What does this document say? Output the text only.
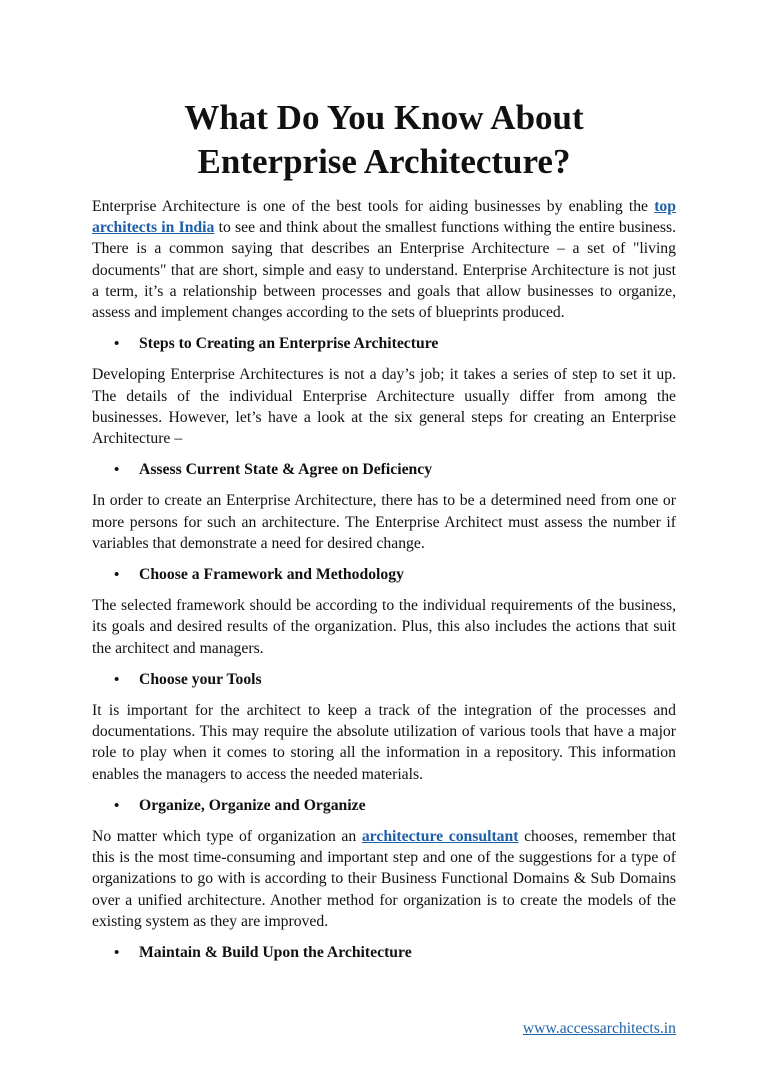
What Do You Know About
Enterprise Architecture?

Enterprise Architecture is one of the best tools for aiding businesses by enabling the top architects in India to see and think about the smallest functions withing the entire business. There is a common saying that describes an Enterprise Architecture – a set of "living documents" that are short, simple and easy to understand. Enterprise Architecture is not just a term, it’s a relationship between processes and goals that allow businesses to organize, assess and implement changes according to the sets of blueprints produced.

•	Steps to Creating an Enterprise Architecture

Developing Enterprise Architectures is not a day’s job; it takes a series of step to set it up. The details of the individual Enterprise Architecture usually differ from among the businesses. However, let’s have a look at the six general steps for creating an Enterprise Architecture –

•	Assess Current State & Agree on Deficiency

In order to create an Enterprise Architecture, there has to be a determined need from one or more persons for such an architecture. The Enterprise Architect must assess the number if variables that demonstrate a need for desired change.

•	Choose a Framework and Methodology

The selected framework should be according to the individual requirements of the business, its goals and desired results of the organization. Plus, this also includes the actions that suit the architect and managers.

•	Choose your Tools

It is important for the architect to keep a track of the integration of the processes and documentations. This may require the absolute utilization of various tools that have a major role to play when it comes to storing all the information in a repository. This information enables the managers to access the needed materials.

•	Organize, Organize and Organize

No matter which type of organization an architecture consultant chooses, remember that this is the most time-consuming and important step and one of the suggestions for a type of organizations to go with is according to their Business Functional Domains & Sub Domains over a unified architecture. Another method for organization is to create the models of the existing system as they are improved.

•	Maintain & Build Upon the Architecture
www.accessarchitects.in
